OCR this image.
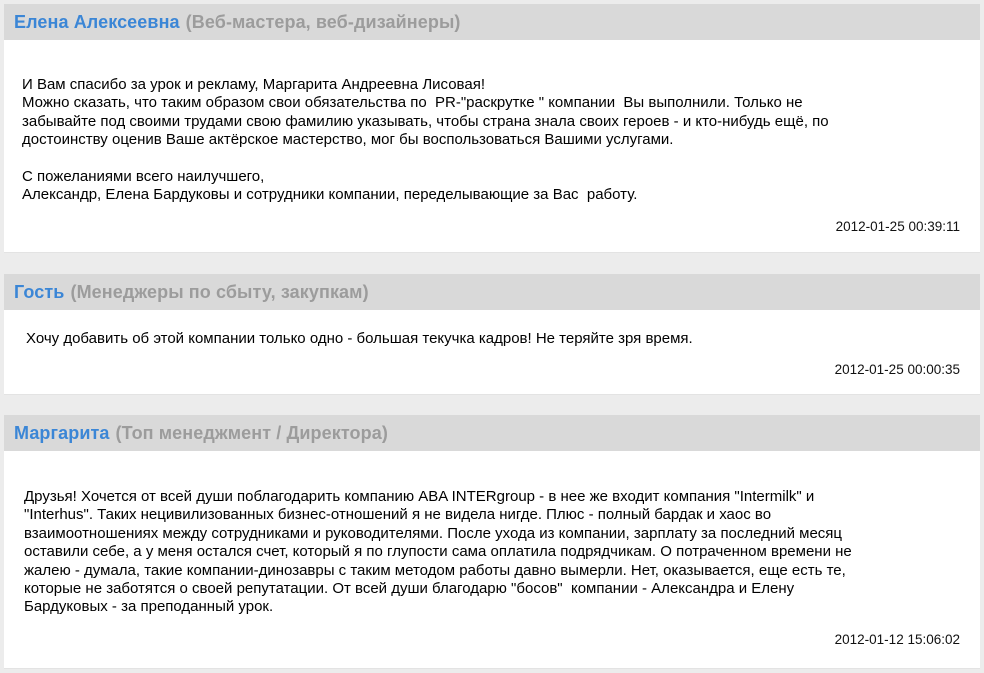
Елена Алексеевна (Веб-мастера, веб-дизайнеры)

И Вам спасибо за урок и рекламу, Маргарита Андреевна Лисовая!
Можно сказать, что таким образом свои обязательства по  PR-"раскрутке " компании  Вы выполнили. Только не
забывайте под своими трудами свою фамилию указывать, чтобы страна знала своих героев - и кто-нибудь ещё, по
достоинству оценив Ваше актёрское мастерство, мог бы воспользоваться Вашими услугами.

С пожеланиями всего наилучшего,
Александр, Елена Бардуковы и сотрудники компании, переделывающие за Вас  работу.

2012-01-25 00:39:11
Гость (Менеджеры по сбыту, закупкам)

Хочу добавить об этой компании только одно - большая текучка кадров! Не теряйте зря время.

2012-01-25 00:00:35
Маргарита (Топ менеджмент / Директора)

Друзья! Хочется от всей души поблагодарить компанию ABA INTERgroup - в нее же входит компания "Intermilk" и
"Interhus". Таких нецивилизованных бизнес-отношений я не видела нигде. Плюс - полный бардак и хаос во
взаимоотношениях между сотрудниками и руководителями. После ухода из компании, зарплату за последний месяц
оставили себе, а у меня остался счет, который я по глупости сама оплатила подрядчикам. О потраченном времени не
жалею - думала, такие компании-динозавры с таким методом работы давно вымерли. Нет, оказывается, еще есть те,
которые не заботятся о своей репутатации. От всей души благодарю "босов"  компании - Александра и Елену
Бардуковых - за преподанный урок.

2012-01-12 15:06:02
